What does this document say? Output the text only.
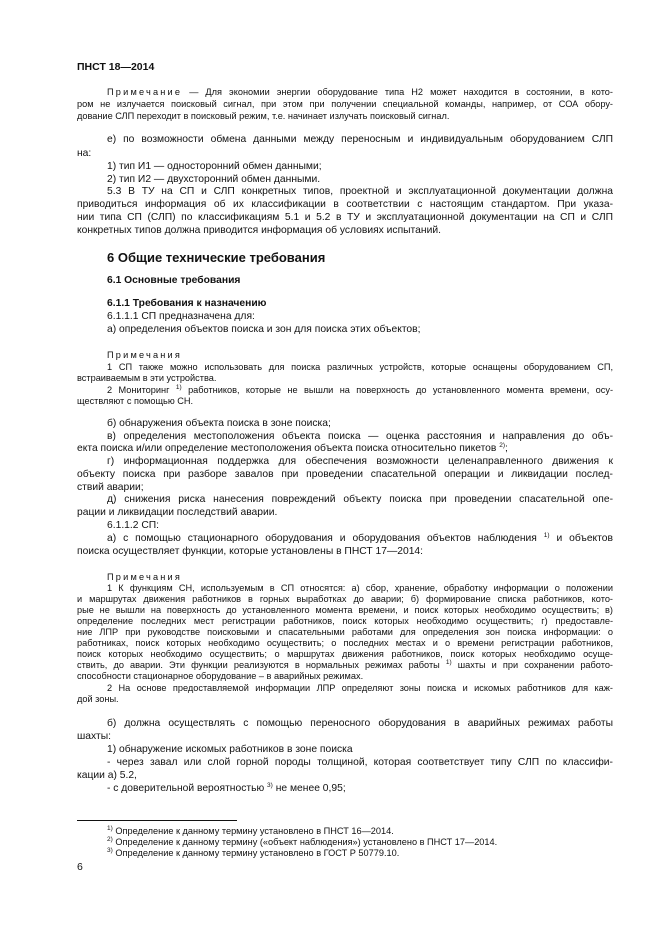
ПНСТ 18—2014
Примечание — Для экономии энергии оборудование типа Н2 может находится в состоянии, в кото-
ром не излучается поисковый сигнал, при этом при получении специальной команды, например, от СОА обору-
дование СЛП переходит в поисковый режим, т.е. начинает излучать поисковый сигнал.
е) по возможности обмена данными между переносным и индивидуальным оборудованием СЛП
на:
1) тип И1 — односторонний обмен данными;
2) тип И2 — двухсторонний обмен данными.
5.3 В ТУ на СП и СЛП конкретных типов, проектной и эксплуатационной документации должна
приводиться информация об их классификации в соответствии с настоящим стандартом. При указа-
нии типа СП (СЛП) по классификациям 5.1 и 5.2 в ТУ и эксплуатационной документации на СП и СЛП
конкретных типов должна приводится информация об условиях испытаний.
6 Общие технические требования
6.1 Основные требования
6.1.1 Требования к назначению
6.1.1.1 СП предназначена для:
а) определения объектов поиска и зон для поиска этих объектов;
Примечания
1 СП также можно использовать для поиска различных устройств, которые оснащены оборудованием СП,
встраиваемым в эти устройства.
2 Мониторинг $^{1)}$ работников, которые не вышли на поверхность до установленного момента времени, осу-
ществляют с помощью СН.
б) обнаружения объекта поиска в зоне поиска;
в) определения местоположения объекта поиска — оценка расстояния и направления до объ-
екта поиска и/или определение местоположения объекта поиска относительно пикетов $^{2)}$;
г) информационная поддержка для обеспечения возможности целенаправленного движения к
объекту поиска при разборе завалов при проведении спасательной операции и ликвидации послед-
ствий аварии;
д) снижения риска нанесения повреждений объекту поиска при проведении спасательной опе-
рации и ликвидации последствий аварии.
6.1.1.2 СП:
а) с помощью стационарного оборудования и оборудования объектов наблюдения $^{1)}$ и объектов
поиска осуществляет функции, которые установлены в ПНСТ 17—2014:
Примечания
1 К функциям СН, используемым в СП относятся: а) сбор, хранение, обработку информации о положении
и маршрутах движения работников в горных выработках до аварии; б) формирование списка работников, кото-
рые не вышли на поверхность до установленного момента времени, и поиск которых необходимо осуществить; в)
определение последних мест регистрации работников, поиск которых необходимо осуществить; г) предоставле-
ние ЛПР при руководстве поисковыми и спасательными работами для определения зон поиска информации: о
работниках, поиск которых необходимо осуществить; о последних местах и о времени регистрации работников,
поиск которых необходимо осуществить; о маршрутах движения работников, поиск которых необходимо осуще-
ствить, до аварии. Эти функции реализуются в нормальных режимах работы $^{1)}$ шахты и при сохранении работо-
способности стационарное оборудование – в аварийных режимах.
2 На основе предоставляемой информации ЛПР определяют зоны поиска и искомых работников для каж-
дой зоны.
б) должна осуществлять с помощью переносного оборудования в аварийных режимах работы
шахты:
1) обнаружение искомых работников в зоне поиска
- через завал или слой горной породы толщиной, которая соответствует типу СЛП по классифи-
кации а) 5.2,
- с доверительной вероятностью $^{3)}$ не менее 0,95;
$^{1)}$ Определение к данному термину установлено в ПНСТ 16—2014.
$^{2)}$ Определение к данному термину («объект наблюдения») установлено в ПНСТ 17—2014.
$^{3)}$ Определение к данному термину установлено в ГОСТ Р 50779.10.
6
